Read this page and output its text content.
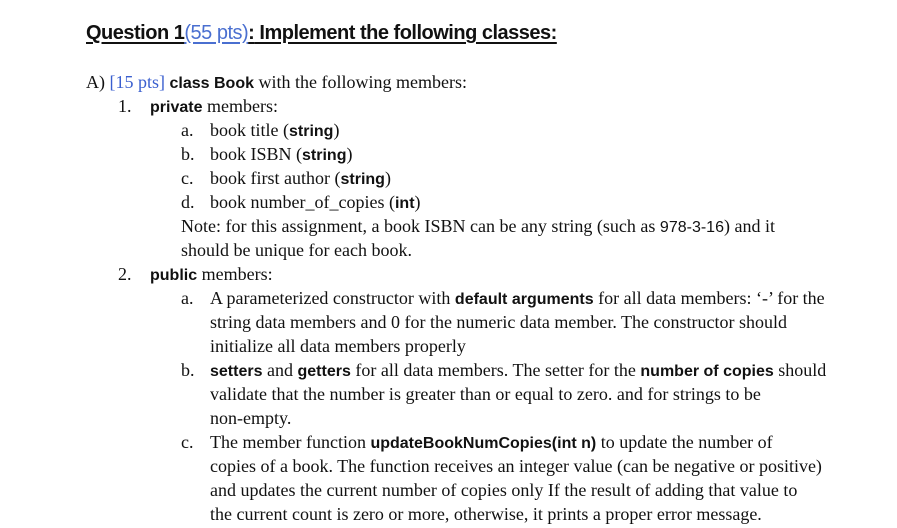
Question 1(55 pts): Implement the following classes:
A) [15 pts] class Book with the following members:
1. private members:
a. book title (string)
b. book ISBN (string)
c. book first author (string)
d. book number_of_copies (int)
Note: for this assignment, a book ISBN can be any string (such as 978-3-16) and it
should be unique for each book.
2. public members:
a. A parameterized constructor with default arguments for all data members: ‘-’ for the
string data members and 0 for the numeric data member. The constructor should
initialize all data members properly
b. setters and getters for all data members. The setter for the number of copies should
validate that the number is greater than or equal to zero. and for strings to be
non-empty.
c. The member function updateBookNumCopies(int n) to update the number of
copies of a book. The function receives an integer value (can be negative or positive)
and updates the current number of copies only If the result of adding that value to
the current count is zero or more, otherwise, it prints a proper error message.
